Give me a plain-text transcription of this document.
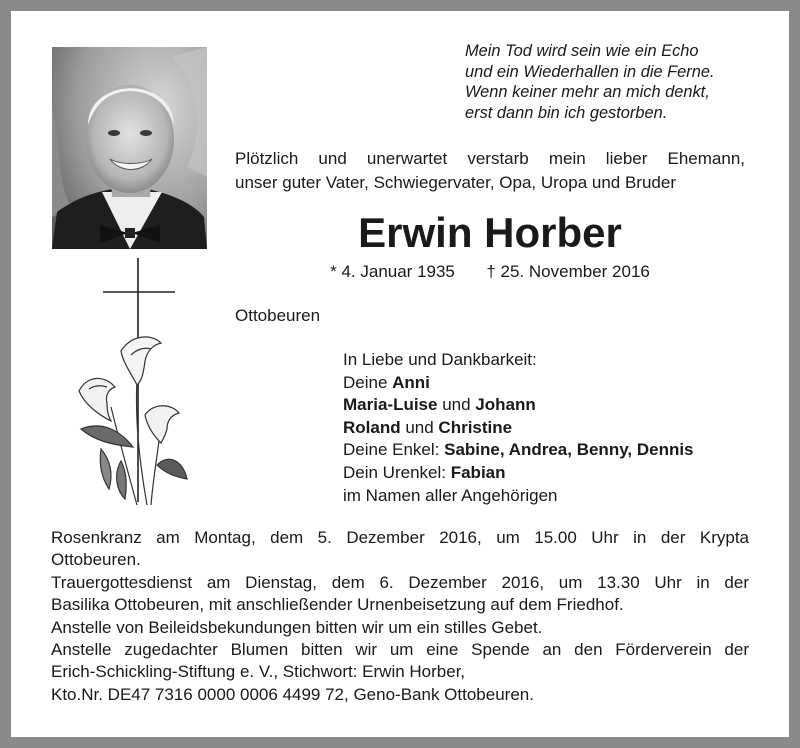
Mein Tod wird sein wie ein Echo
und ein Wiederhallen in die Ferne.
Wenn keiner mehr an mich denkt,
erst dann bin ich gestorben.
Plötzlich und unerwartet verstarb mein lieber Ehemann,
unser guter Vater, Schwiegervater, Opa, Uropa und Bruder
Erwin Horber
* 4. Januar 1935 † 25. November 2016
Ottobeuren
In Liebe und Dankbarkeit:
Deine Anni
Maria-Luise und Johann
Roland und Christine
Deine Enkel: Sabine, Andrea, Benny, Dennis
Dein Urenkel: Fabian
im Namen aller Angehörigen
Rosenkranz am Montag, dem 5. Dezember 2016, um 15.00 Uhr in der Krypta
Ottobeuren.
Trauergottesdienst am Dienstag, dem 6. Dezember 2016, um 13.30 Uhr in der
Basilika Ottobeuren, mit anschließender Urnenbeisetzung auf dem Friedhof.
Anstelle von Beileidsbekundungen bitten wir um ein stilles Gebet.
Anstelle zugedachter Blumen bitten wir um eine Spende an den Förderverein der
Erich-Schickling-Stiftung e. V., Stichwort: Erwin Horber,
Kto.Nr. DE47 7316 0000 0006 4499 72, Geno-Bank Ottobeuren.
